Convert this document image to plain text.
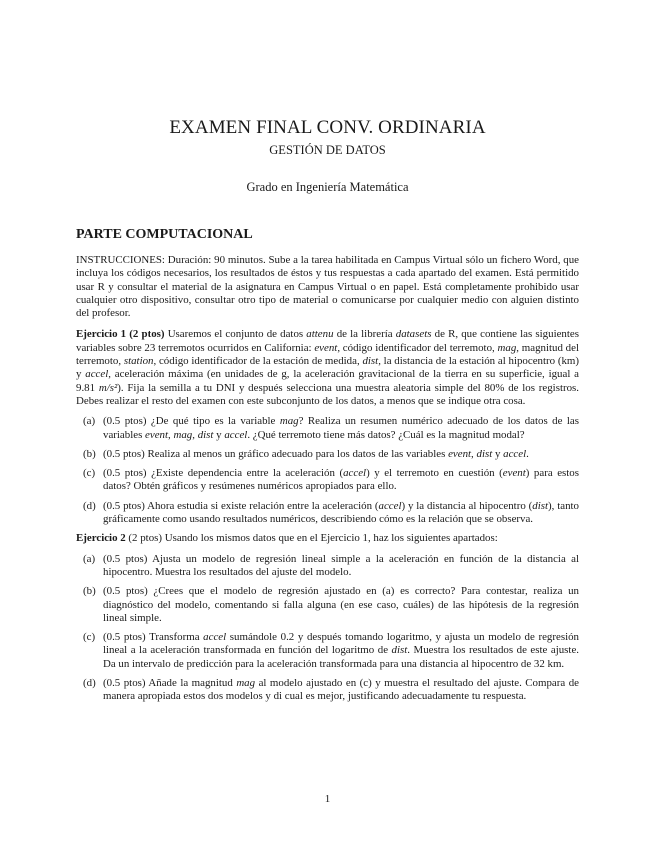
EXAMEN FINAL CONV. ORDINARIA
GESTIÓN DE DATOS
Grado en Ingeniería Matemática
PARTE COMPUTACIONAL

INSTRUCCIONES: Duración: 90 minutos. Sube a la tarea habilitada en Campus Virtual sólo un fichero Word, que incluya los códigos necesarios, los resultados de éstos y tus respuestas a cada apartado del examen. Está permitido usar R y consultar el material de la asignatura en Campus Virtual o en papel. Está completamente prohibido usar cualquier otro dispositivo, consultar otro tipo de material o comunicarse por cualquier medio con alguien distinto del profesor.

Ejercicio 1 (2 ptos) Usaremos el conjunto de datos attenu de la librería datasets de R, que contiene las siguientes variables sobre 23 terremotos ocurridos en California: event, código identificador del terremoto, mag, magnitud del terremoto, station, código identificador de la estación de medida, dist, la distancia de la estación al hipocentro (km) y accel, aceleración máxima (en unidades de g, la aceleración gravitacional de la tierra en su superficie, igual a 9.81 m/s²). Fija la semilla a tu DNI y después selecciona una muestra aleatoria simple del 80% de los registros. Debes realizar el resto del examen con este subconjunto de los datos, a menos que se indique otra cosa.

(a) (0.5 ptos) ¿De qué tipo es la variable mag? Realiza un resumen numérico adecuado de los datos de las variables event, mag, dist y accel. ¿Qué terremoto tiene más datos? ¿Cuál es la magnitud modal?
(b) (0.5 ptos) Realiza al menos un gráfico adecuado para los datos de las variables event, dist y accel.
(c) (0.5 ptos) ¿Existe dependencia entre la aceleración (accel) y el terremoto en cuestión (event) para estos datos? Obtén gráficos y resúmenes numéricos apropiados para ello.
(d) (0.5 ptos) Ahora estudia si existe relación entre la aceleración (accel) y la distancia al hipocentro (dist), tanto gráficamente como usando resultados numéricos, describiendo cómo es la relación que se observa.

Ejercicio 2 (2 ptos) Usando los mismos datos que en el Ejercicio 1, haz los siguientes apartados:

(a) (0.5 ptos) Ajusta un modelo de regresión lineal simple a la aceleración en función de la distancia al hipocentro. Muestra los resultados del ajuste del modelo.
(b) (0.5 ptos) ¿Crees que el modelo de regresión ajustado en (a) es correcto? Para contestar, realiza un diagnóstico del modelo, comentando si falla alguna (en ese caso, cuáles) de las hipótesis de la regresión lineal simple.
(c) (0.5 ptos) Transforma accel sumándole 0.2 y después tomando logaritmo, y ajusta un modelo de regresión lineal a la aceleración transformada en función del logaritmo de dist. Muestra los resultados de este ajuste. Da un intervalo de predicción para la aceleración transformada para una distancia al hipocentro de 32 km.
(d) (0.5 ptos) Añade la magnitud mag al modelo ajustado en (c) y muestra el resultado del ajuste. Compara de manera apropiada estos dos modelos y di cual es mejor, justificando adecuadamente tu respuesta.
1
